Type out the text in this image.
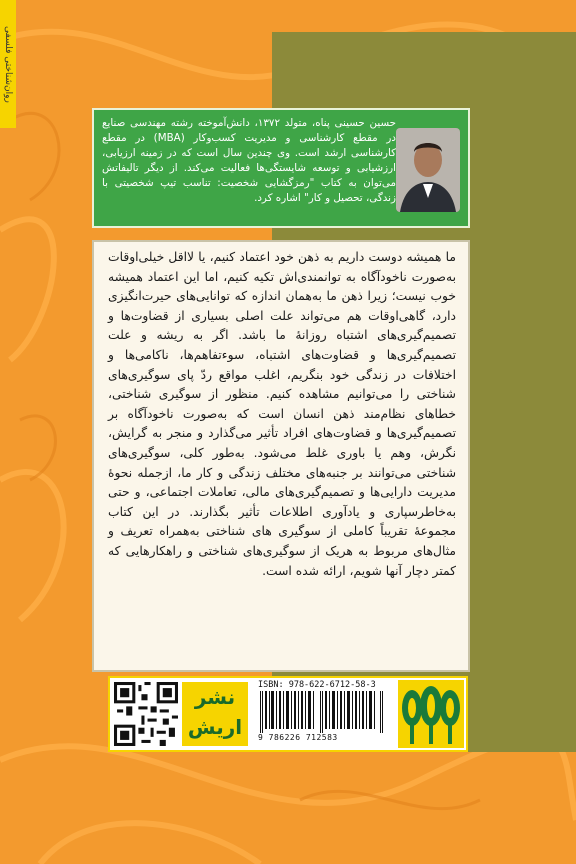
روان‌شناختی فلسفی
حسین حسینی پناه، متولد ۱۳۷۲، دانش‌آموخته رشته مهندسی صنایع در مقطع کارشناسی و مدیریت کسب‌وکار (MBA) در مقطع کارشناسی ارشد است. وی چندین سال است که در زمینه ارزیابی، ارزشیابی و توسعه شایستگی‌ها فعالیت می‌کند. از دیگر تالیفاتش می‌توان به کتاب "رمزگشایی شخصیت: تناسب تیپ شخصیتی با زندگی، تحصیل و کار" اشاره کرد.
ما همیشه دوست داریم به ذهن خود اعتماد کنیم، یا لااقل خیلی‌اوقات به‌صورت ناخودآگاه به توانمندی‌اش تکیه کنیم، اما این اعتماد همیشه خوب نیست؛ زیرا ذهن ما به‌همان اندازه که توانایی‌های حیرت‌انگیزی دارد، گاهی‌اوقات هم می‌تواند علت اصلی بسیاری از قضاوت‌ها و تصمیم‌گیری‌های اشتباه روزانهٔ ما باشد. اگر به ریشه و علت تصمیم‌گیری‌ها و قضاوت‌های اشتباه، سوءتفاهم‌ها، ناکامی‌ها و اختلافات در زندگی خود بنگریم، اغلب مواقع ردّ پای سوگیری‌های شناختی را می‌توانیم مشاهده کنیم. منظور از سوگیری شناختی، خطاهای نظام‌مند ذهن انسان است که به‌صورت ناخودآگاه بر تصمیم‌گیری‌ها و قضاوت‌های افراد تأثیر می‌گذارد و منجر به گرایش، نگرش، وهم یا باوری غلط می‌شود. به‌طور کلی، سوگیری‌های شناختی می‌توانند بر جنبه‌های مختلف زندگی و کار ما، ازجمله نحوهٔ مدیریت دارایی‌ها و تصمیم‌گیری‌های مالی، تعاملات اجتماعی، و حتی به‌خاطرسپاری و یادآوری اطلاعات تأثیر بگذارند. در این کتاب مجموعهٔ تقریباً کاملی از سوگیری های شناختی به‌همراه تعریف و مثال‌های مربوط به هریک از سوگیری‌های شناختی و راهکارهایی که کمتر دچار آنها شویم، ارائه شده است.
نشر
اریش
ISBN: 978-622-6712-58-3
9 786226 712583
